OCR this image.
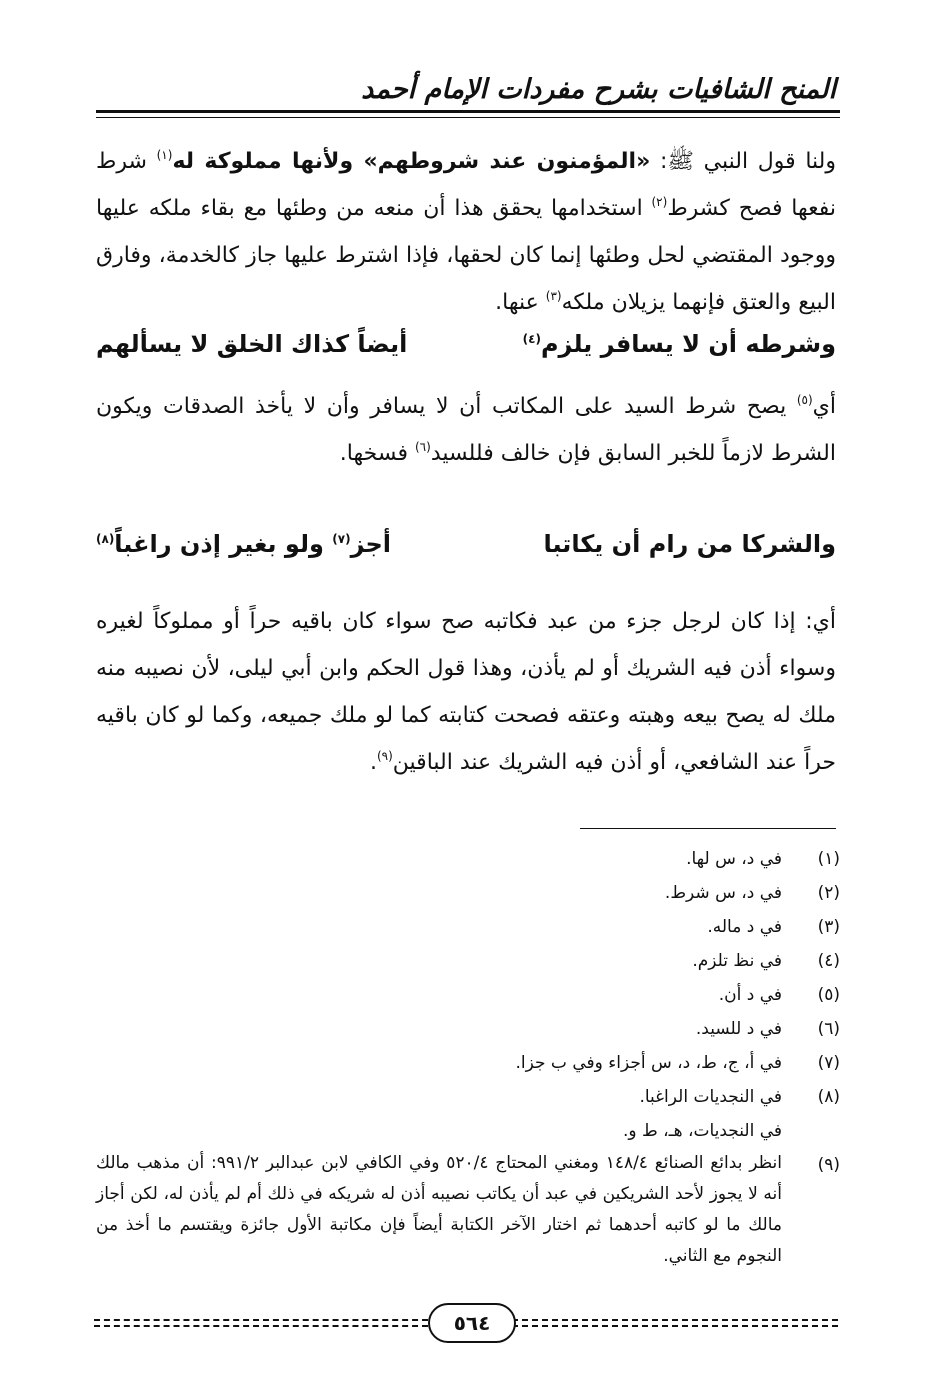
المنح الشافيات بشرح مفردات الإمام أحمد
ولنا قول النبي ﷺ: «المؤمنون عند شروطهم» ولأنها مملوكة له$^{(١)}$ شرط نفعها فصح كشرط$^{(٢)}$ استخدامها يحقق هذا أن منعه من وطئها مع بقاء ملكه عليها ووجود المقتضي لحل وطئها إنما كان لحقها، فإذا اشترط عليها جاز كالخدمة، وفارق البيع والعتق فإنهما يزيلان ملكه$^{(٣)}$ عنها.
وشرطه أن لا يسافر يلزم$^{(٤)}$
أيضاً كذاك الخلق لا يسألهم
أي$^{(٥)}$ يصح شرط السيد على المكاتب أن لا يسافر وأن لا يأخذ الصدقات ويكون الشرط لازماً للخبر السابق فإن خالف فللسيد$^{(٦)}$ فسخها.
والشركا من رام أن يكاتبا
أجز$^{(٧)}$ ولو بغير إذن راغباً$^{(٨)}$
أي: إذا كان لرجل جزء من عبد فكاتبه صح سواء كان باقيه حراً أو مملوكاً لغيره وسواء أذن فيه الشريك أو لم يأذن، وهذا قول الحكم وابن أبي ليلى، لأن نصيبه منه ملك له يصح بيعه وهبته وعتقه فصحت كتابته كما لو ملك جميعه، وكما لو كان باقيه حراً عند الشافعي، أو أذن فيه الشريك عند الباقين$^{(٩)}$.
(١)
في د، س لها.
(٢)
في د، س شرط.
(٣)
في د ماله.
(٤)
في نظ تلزم.
(٥)
في د أن.
(٦)
في د للسيد.
(٧)
في أ، ج، ط، د، س أجزاء وفي ب جزا.
(٨)
في النجديات الراغبا.
في النجديات، هـ، ط و.
(٩)
انظر بدائع الصنائع ١٤٨/٤ ومغني المحتاج ٥٢٠/٤ وفي الكافي لابن عبدالبر ٩٩١/٢: أن مذهب مالك أنه لا يجوز لأحد الشريكين في عبد أن يكاتب نصيبه أذن له شريكه في ذلك أم لم يأذن له، لكن أجاز مالك ما لو كاتبه أحدهما ثم اختار الآخر الكتابة أيضاً فإن مكاتبة الأول جائزة ويقتسم ما أخذ من النجوم مع الثاني.
٥٦٤
